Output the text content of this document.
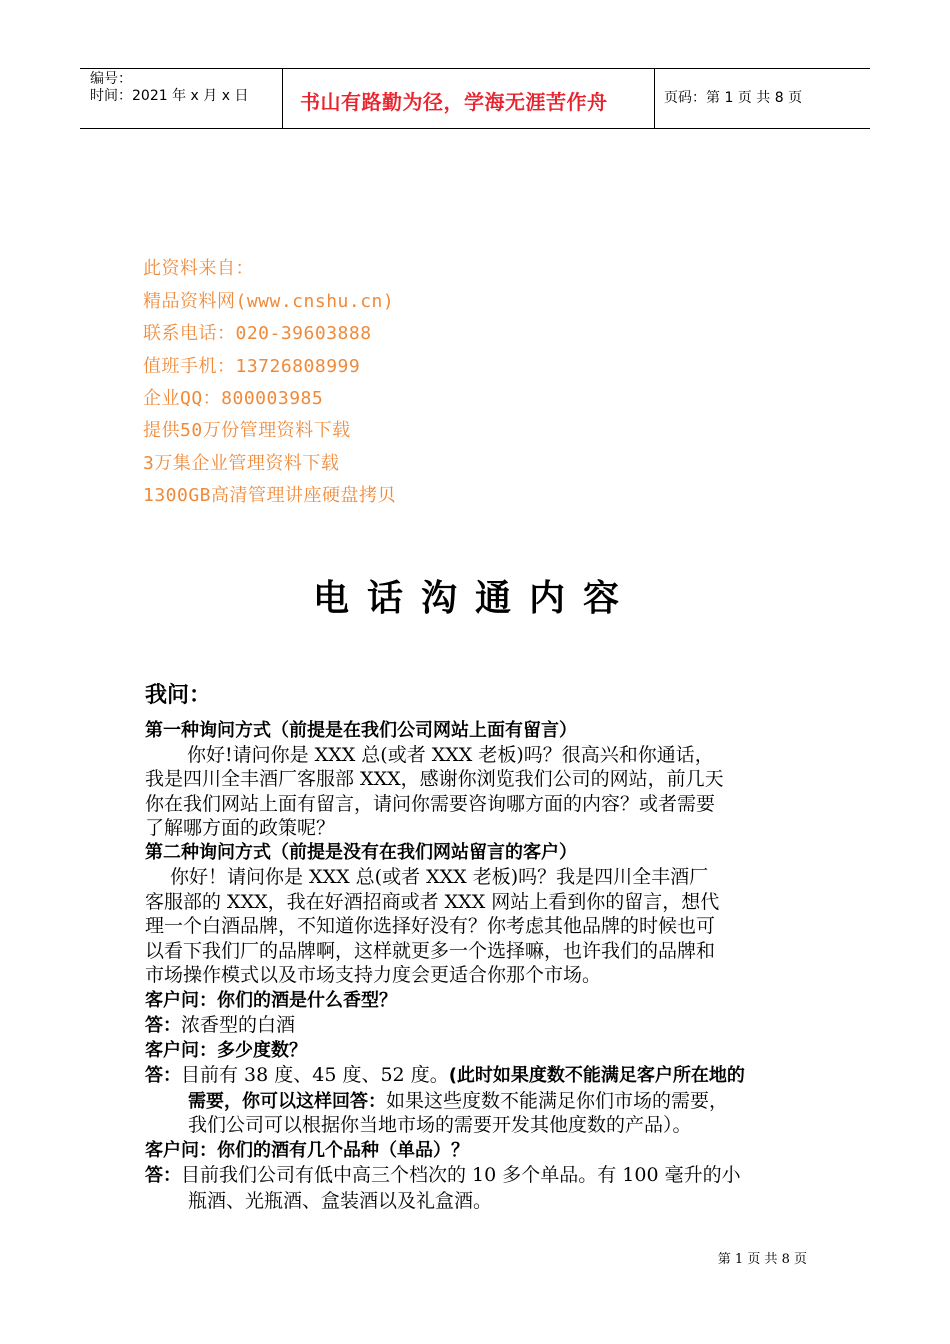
编号：
时间：2021 年 x 月 x 日	书山有路勤为径，学海无涯苦作舟	页码：第 1 页 共 8 页
此资料来自：
精品资料网(www.cnshu.cn)
联系电话：020-39603888
值班手机：13726808999
企业QQ：800003985
提供50万份管理资料下载
3万集企业管理资料下载
1300GB高清管理讲座硬盘拷贝
电话沟通内容
我问：
第一种询问方式（前提是在我们公司网站上面有留言）
你好!请问你是 XXX 总(或者 XXX 老板)吗？很高兴和你通话，
我是四川全丰酒厂客服部 XXX，感谢你浏览我们公司的网站，前几天
你在我们网站上面有留言，请问你需要咨询哪方面的内容？或者需要
了解哪方面的政策呢？
第二种询问方式（前提是没有在我们网站留言的客户）
你好！请问你是 XXX 总(或者 XXX 老板)吗？我是四川全丰酒厂
客服部的 XXX，我在好酒招商或者 XXX 网站上看到你的留言，想代
理一个白酒品牌，不知道你选择好没有？你考虑其他品牌的时候也可
以看下我们厂的品牌啊，这样就更多一个选择嘛，也许我们的品牌和
市场操作模式以及市场支持力度会更适合你那个市场。
客户问：你们的酒是什么香型？
答：浓香型的白酒
客户问：多少度数？
答：目前有 38 度、45 度、52 度。(此时如果度数不能满足客户所在地的
需要，你可以这样回答：如果这些度数不能满足你们市场的需要，
我们公司可以根据你当地市场的需要开发其他度数的产品）。
客户问：你们的酒有几个品种（单品）？
答：目前我们公司有低中高三个档次的 10 多个单品。有 100 毫升的小
瓶酒、光瓶酒、盒装酒以及礼盒酒。
第 1 页 共 8 页
